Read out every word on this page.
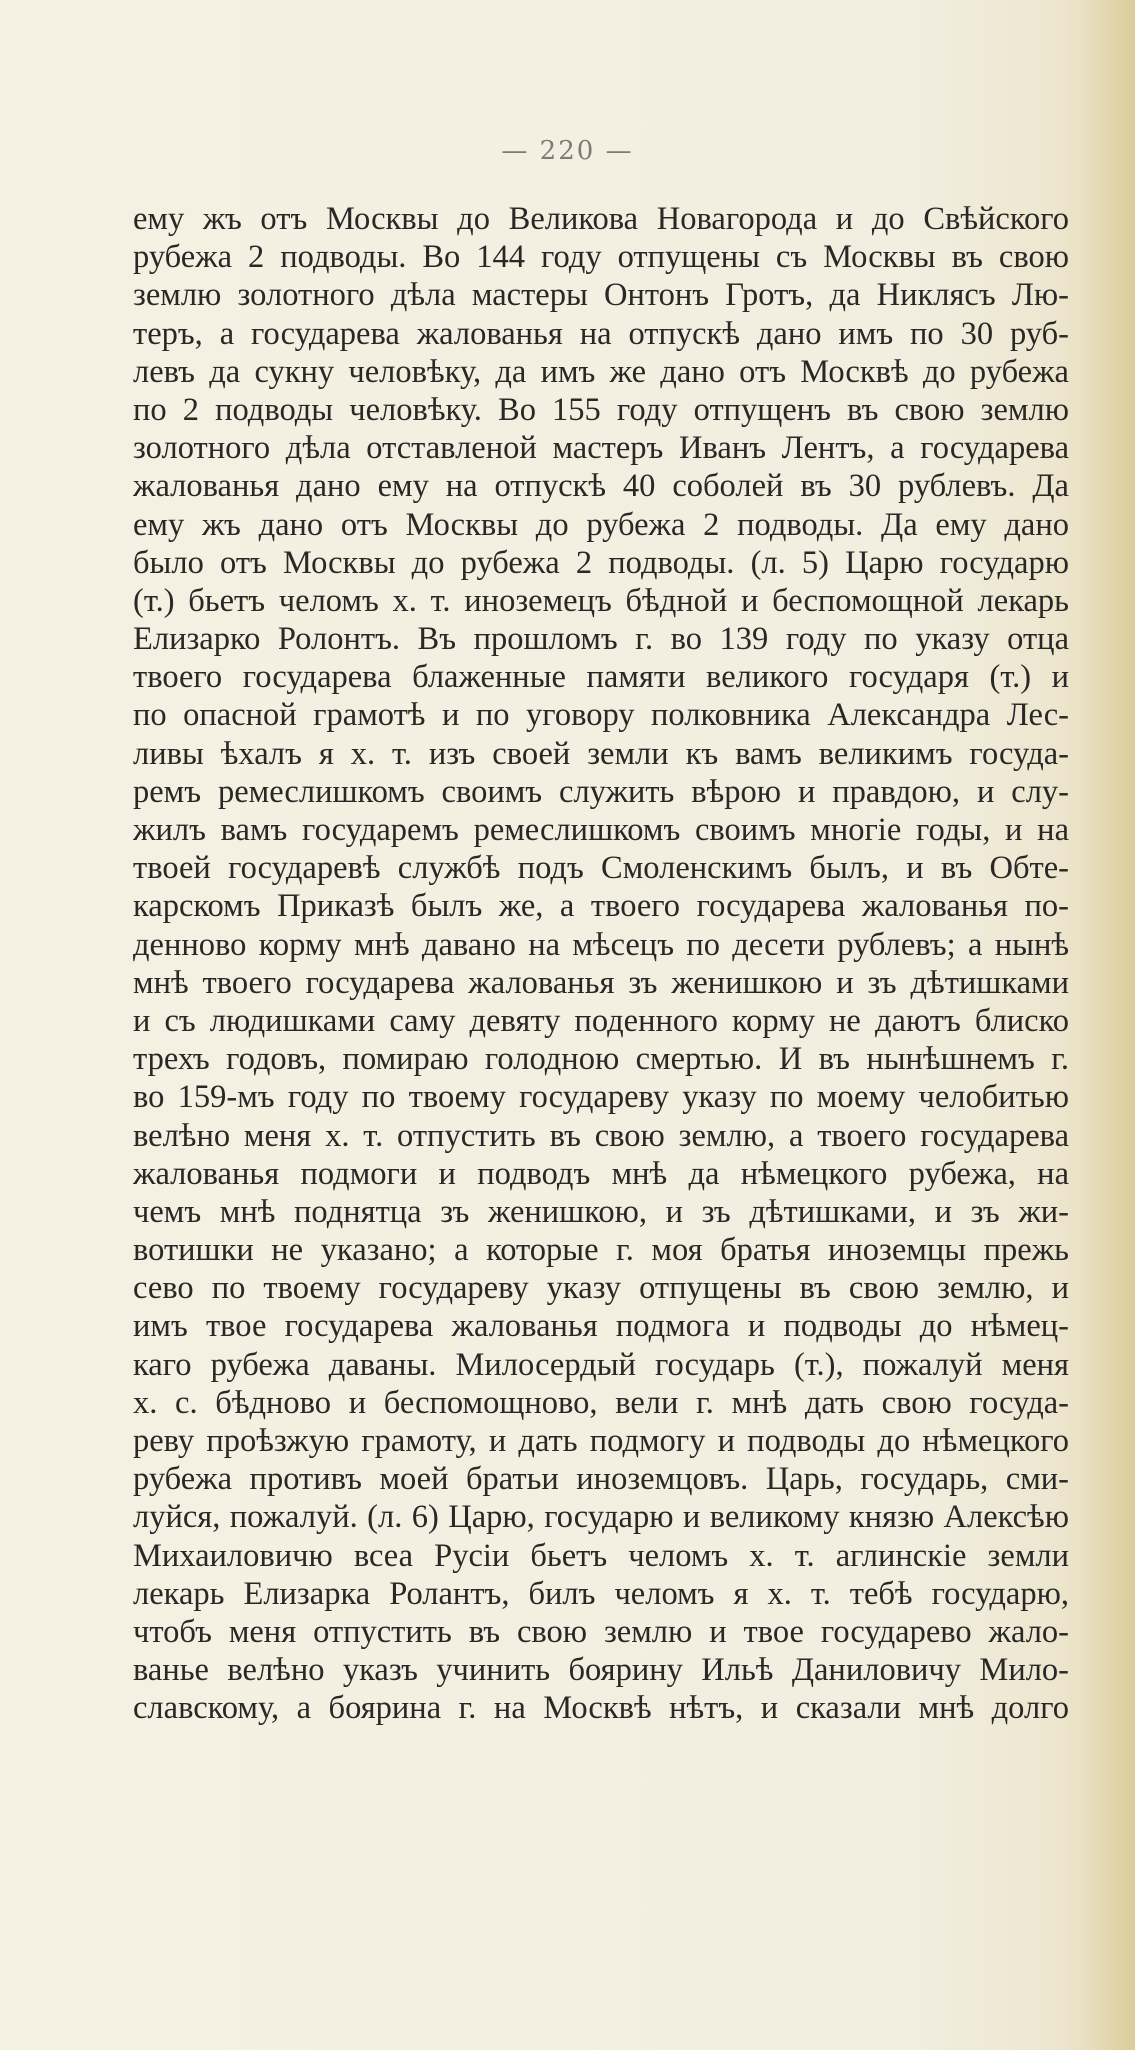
— 220 —
ему жъ отъ Москвы до Великова Новагорода и до Свѣйского
рубежа 2 подводы. Во 144 году отпущены съ Москвы въ свою
землю золотного дѣла мастеры Онтонъ Гротъ, да Никлясъ Лю-
теръ, а государева жалованья на отпускѣ дано имъ по 30 руб-
левъ да сукну человѣку, да имъ же дано отъ Москвѣ до рубежа
по 2 подводы человѣку. Во 155 году отпущенъ въ свою землю
золотного дѣла отставленой мастеръ Иванъ Лентъ, а государева
жалованья дано ему на отпускѣ 40 соболей въ 30 рублевъ. Да
ему жъ дано отъ Москвы до рубежа 2 подводы. Да ему дано
было отъ Москвы до рубежа 2 подводы. (л. 5) Царю государю
(т.) бьетъ челомъ х. т. иноземецъ бѣдной и беспомощной лекарь
Елизарко Ролонтъ. Въ прошломъ г. во 139 году по указу отца
твоего государева блаженные памяти великого государя (т.) и
по опасной грамотѣ и по уговору полковника Александра Лес-
ливы ѣхалъ я х. т. изъ своей земли къ вамъ великимъ госуда-
ремъ ремеслишкомъ своимъ служить вѣрою и правдою, и слу-
жилъ вамъ государемъ ремеслишкомъ своимъ многiе годы, и на
твоей государевѣ службѣ подъ Смоленскимъ былъ, и въ Обте-
карскомъ Приказѣ былъ же, а твоего государева жалованья по-
денново корму мнѣ давано на мѣсецъ по десети рублевъ; а нынѣ
мнѣ твоего государева жалованья зъ женишкою и зъ дѣтишками
и съ людишками саму девяту поденного корму не даютъ блиско
трехъ годовъ, помираю голодною смертью. И въ нынѣшнемъ г.
во 159-мъ году по твоему государеву указу по моему челобитью
велѣно меня х. т. отпустить въ свою землю, а твоего государева
жалованья подмоги и подводъ мнѣ да нѣмецкого рубежа, на
чемъ мнѣ поднятца зъ женишкою, и зъ дѣтишками, и зъ жи-
вотишки не указано; а которые г. моя братья иноземцы прежь
сево по твоему государеву указу отпущены въ свою землю, и
имъ твое государева жалованья подмога и подводы до нѣмец-
каго рубежа даваны. Милосердый государь (т.), пожалуй меня
х. с. бѣдново и беспомощново, вели г. мнѣ дать свою госуда-
реву проѣзжую грамоту, и дать подмогу и подводы до нѣмецкого
рубежа противъ моей братьи иноземцовъ. Царь, государь, сми-
луйся, пожалуй. (л. 6) Царю, государю и великому князю Алексѣю
Михаиловичю всеа Русiи бьетъ челомъ х. т. аглинскiе земли
лекарь Елизарка Ролантъ, билъ челомъ я х. т. тебѣ государю,
чтобъ меня отпустить въ свою землю и твое государево жало-
ванье велѣно указъ учинить боярину Ильѣ Даниловичу Мило-
славскому, а боярина г. на Москвѣ нѣтъ, и сказали мнѣ долго
